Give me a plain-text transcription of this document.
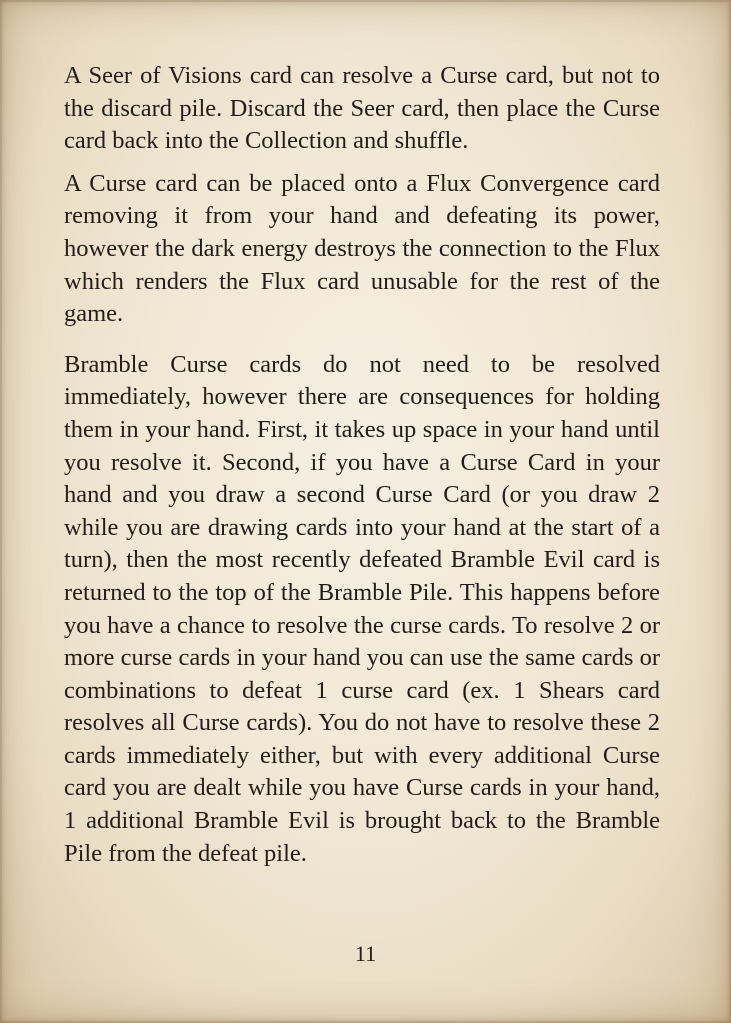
A Seer of Visions card can resolve a Curse card, but not to the discard pile. Discard the Seer card, then place the Curse card back into the Collection and shuffle.

A Curse card can be placed onto a Flux Convergence card removing it from your hand and defeating its power, however the dark energy destroys the connection to the Flux which renders the Flux card unusable for the rest of the game.

Bramble Curse cards do not need to be resolved immediately, however there are consequences for holding them in your hand. First, it takes up space in your hand until you resolve it. Second, if you have a Curse Card in your hand and you draw a second Curse Card (or you draw 2 while you are drawing cards into your hand at the start of a turn), then the most recently defeated Bramble Evil card is returned to the top of the Bramble Pile. This happens before you have a chance to resolve the curse cards. To resolve 2 or more curse cards in your hand you can use the same cards or combinations to defeat 1 curse card (ex. 1 Shears card resolves all Curse cards). You do not have to resolve these 2 cards immediately either, but with every additional Curse card you are dealt while you have Curse cards in your hand, 1 additional Bramble Evil is brought back to the Bramble Pile from the defeat pile.

11
